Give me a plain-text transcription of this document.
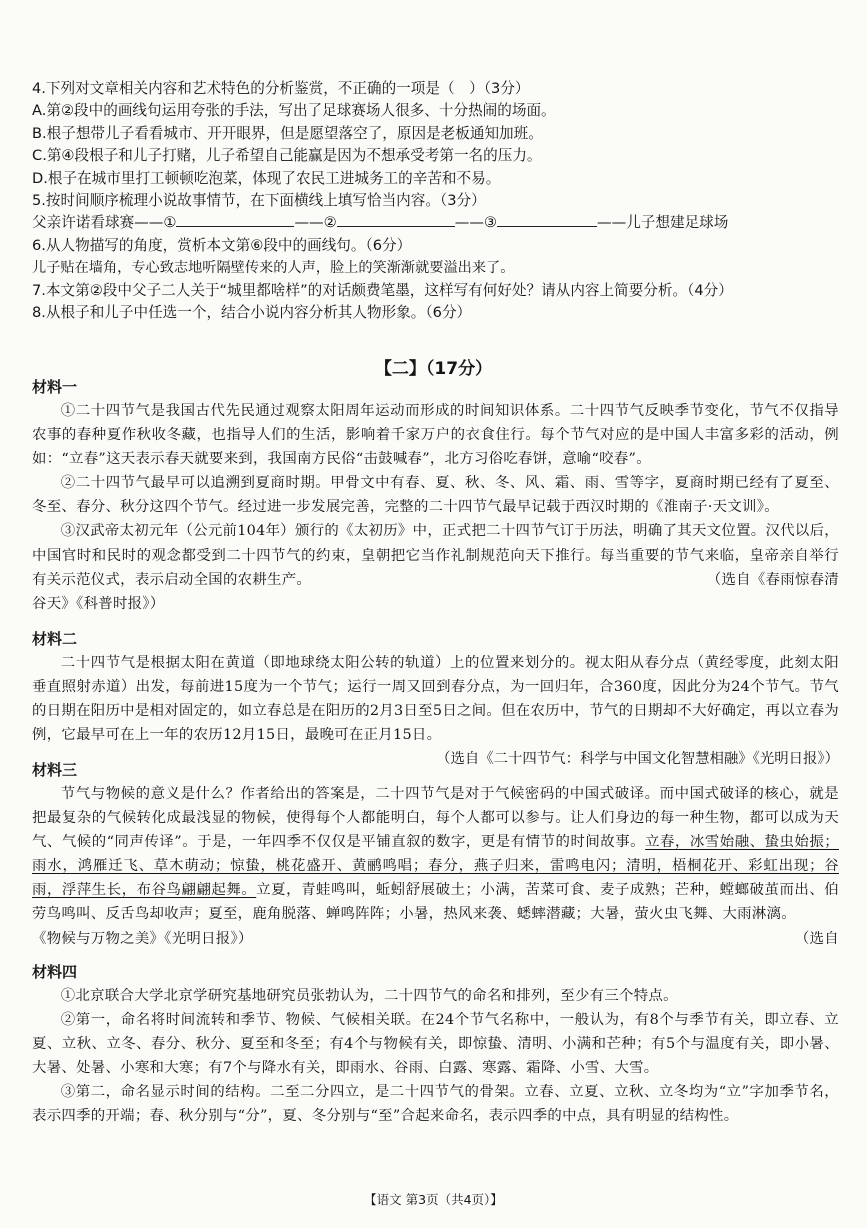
4.下列对文章相关内容和艺术特色的分析鉴赏，不正确的一项是（　）（3分）
A.第②段中的画线句运用夸张的手法，写出了足球赛场人很多、十分热闹的场面。
B.根子想带儿子看看城市、开开眼界，但是愿望落空了，原因是老板通知加班。
C.第④段根子和儿子打赌，儿子希望自己能赢是因为不想承受考第一名的压力。
D.根子在城市里打工顿顿吃泡菜，体现了农民工进城务工的辛苦和不易。
5.按时间顺序梳理小说故事情节，在下面横线上填写恰当内容。（3分）
父亲许诺看球赛——①	——②	——③	——儿子想建足球场
6.从人物描写的角度，赏析本文第⑥段中的画线句。（6分）
儿子贴在墙角，专心致志地听隔壁传来的人声，脸上的笑渐渐就要溢出来了。
7.本文第②段中父子二人关于“城里都啥样”的对话颇费笔墨，这样写有何好处？请从内容上简要分析。（4分）
8.从根子和儿子中任选一个，结合小说内容分析其人物形象。（6分）
【二】（17分）
材料一

①二十四节气是我国古代先民通过观察太阳周年运动而形成的时间知识体系。二十四节气反映季节变化，节气不仅指导农事的春种夏作秋收冬藏，也指导人们的生活，影响着千家万户的衣食住行。每个节气对应的是中国人丰富多彩的活动，例如：“立春”这天表示春天就要来到，我国南方民俗“击鼓喊春”，北方习俗吃春饼，意喻“咬春”。

②二十四节气最早可以追溯到夏商时期。甲骨文中有春、夏、秋、冬、风、霜、雨、雪等字，夏商时期已经有了夏至、冬至、春分、秋分这四个节气。经过进一步发展完善，完整的二十四节气最早记载于西汉时期的《淮南子·天文训》。

③汉武帝太初元年（公元前104年）颁行的《太初历》中，正式把二十四节气订于历法，明确了其天文位置。汉代以后，中国官时和民时的观念都受到二十四节气的约束，皇朝把它当作礼制规范向天下推行。每当重要的节气来临，皇帝亲自举行有关示范仪式，表示启动全国的农耕生产。	（选自《春雨惊春清

谷天》《科普时报》）

材料二

二十四节气是根据太阳在黄道（即地球绕太阳公转的轨道）上的位置来划分的。视太阳从春分点（黄经零度，此刻太阳垂直照射赤道）出发，每前进15度为一个节气；运行一周又回到春分点，为一回归年，合360度，因此分为24个节气。节气的日期在阳历中是相对固定的，如立春总是在阳历的2月3日至5日之间。但在农历中，节气的日期却不大好确定，再以立春为例，它最早可在上一年的农历12月15日，最晚可在正月15日。

（选自《二十四节气：科学与中国文化智慧相融》《光明日报》）
材料三

节气与物候的意义是什么？作者给出的答案是，二十四节气是对于气候密码的中国式破译。而中国式破译的核心，就是把最复杂的气候转化成最浅显的物候，使得每个人都能明白，每个人都可以参与。让人们身边的每一种生物，都可以成为天气、气候的“同声传译”。于是，一年四季不仅仅是平铺直叙的数字，更是有情节的时间故事。立春，冰雪始融、蛰虫始振；雨水，鸿雁迁飞、草木萌动；惊蛰，桃花盛开、黄鹂鸣唱；春分，燕子归来，雷鸣电闪；清明，梧桐花开、彩虹出现；谷雨，浮萍生长，布谷鸟翩翩起舞。立夏，青蛙鸣叫，蚯蚓舒展破土；小满，苦菜可食、麦子成熟；芒种，螳螂破茧而出、伯劳鸟鸣叫、反舌鸟却收声；夏至，鹿角脱落、蝉鸣阵阵；小暑，热风来袭、蟋蟀潜藏；大暑，萤火虫飞舞、大雨淋漓。
（选自

《物候与万物之美》《光明日报》）

材料四

①北京联合大学北京学研究基地研究员张勃认为，二十四节气的命名和排列，至少有三个特点。

②第一，命名将时间流转和季节、物候、气候相关联。在24个节气名称中，一般认为，有8个与季节有关，即立春、立夏、立秋、立冬、春分、秋分、夏至和冬至；有4个与物候有关，即惊蛰、清明、小满和芒种；有5个与温度有关，即小暑、大暑、处暑、小寒和大寒；有7个与降水有关，即雨水、谷雨、白露、寒露、霜降、小雪、大雪。

③第二，命名显示时间的结构。二至二分四立，是二十四节气的骨架。立春、立夏、立秋、立冬均为“立”字加季节名，表示四季的开端；春、秋分别与“分”，夏、冬分别与“至”合起来命名，表示四季的中点，具有明显的结构性。

【语文 第3页（共4页）】
